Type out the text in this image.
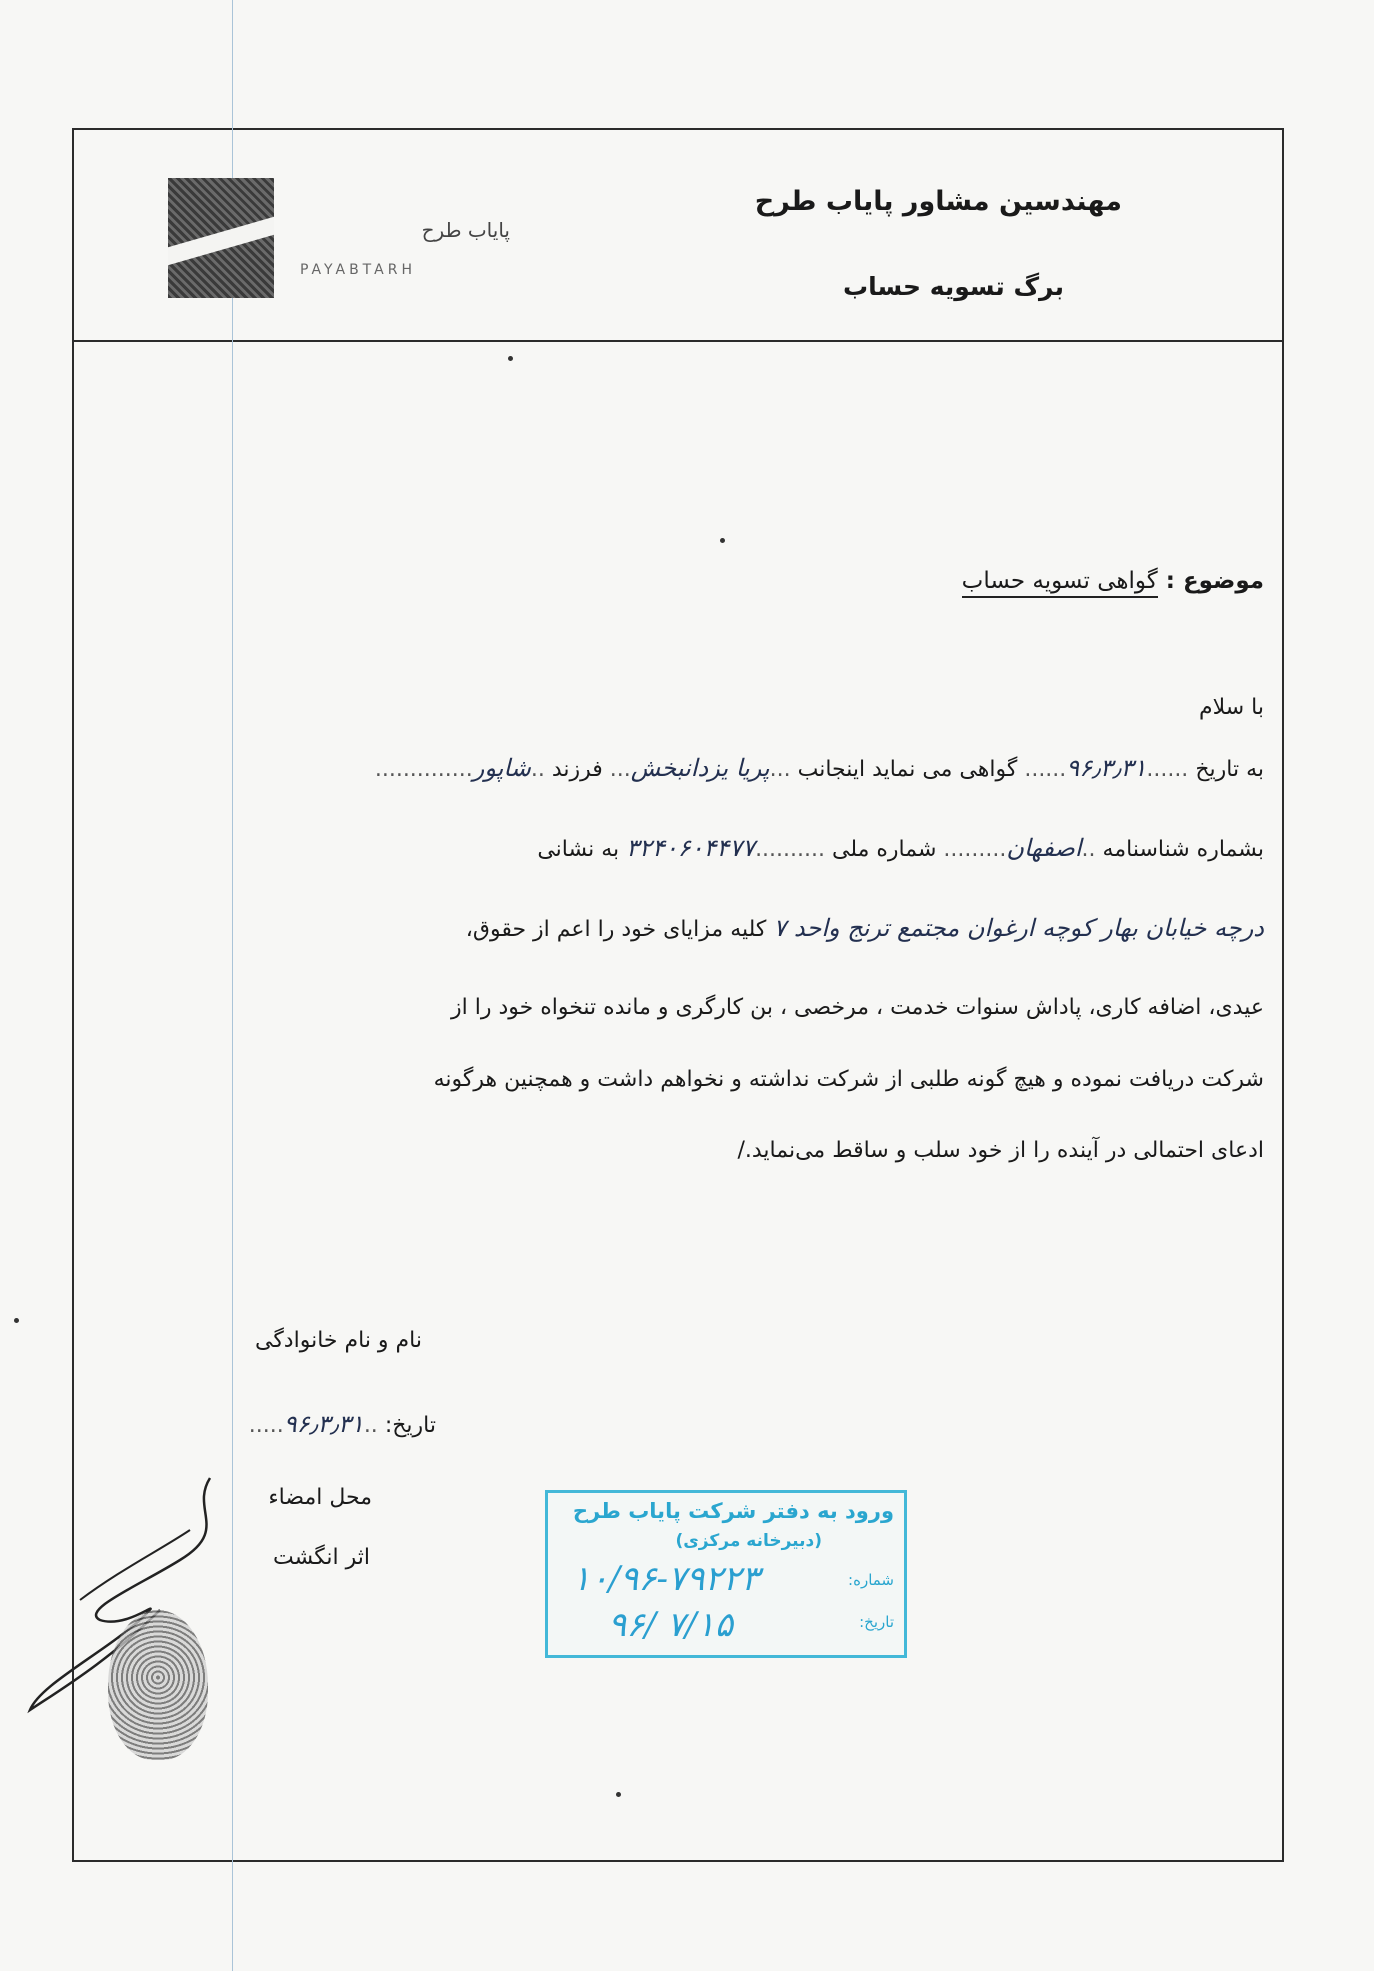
پایاب طرح
PAYABTARH
مهندسین مشاور پایاب طرح
برگ تسویه حساب
موضوع : گواهی تسویه حساب
با سلام
به تاریخ ......۹۶٫۳٫۳۱...... گواهی می نماید اینجانب ...پریا یزدانبخش... فرزند ..شاپور..............
بشماره شناسنامه ..اصفهان......... شماره ملی ..........۳۲۴۰۶۰۴۴۷۷ به نشانی
درچه خیابان بهار کوچه ارغوان مجتمع ترنج واحد ۷ کلیه مزایای خود را اعم از حقوق،
عیدی، اضافه کاری، پاداش سنوات خدمت ، مرخصی ، بن کارگری و مانده تنخواه خود را از
شرکت دریافت نموده و هیچ گونه طلبی از شرکت نداشته و نخواهم داشت و همچنین هرگونه
ادعای احتمالی در آینده را از خود سلب و ساقط می‌نماید./
نام و نام خانوادگی
تاریخ: ..۹۶٫۳٫۳۱.....
محل امضاء
اثر انگشت
ورود به دفتر شرکت پایاب طرح
(دبیرخانه مرکزی)
شماره:
تاریخ:
۱۰/۹۶-۷۹۲۲۳
۹۶/ ۷/۱۵
